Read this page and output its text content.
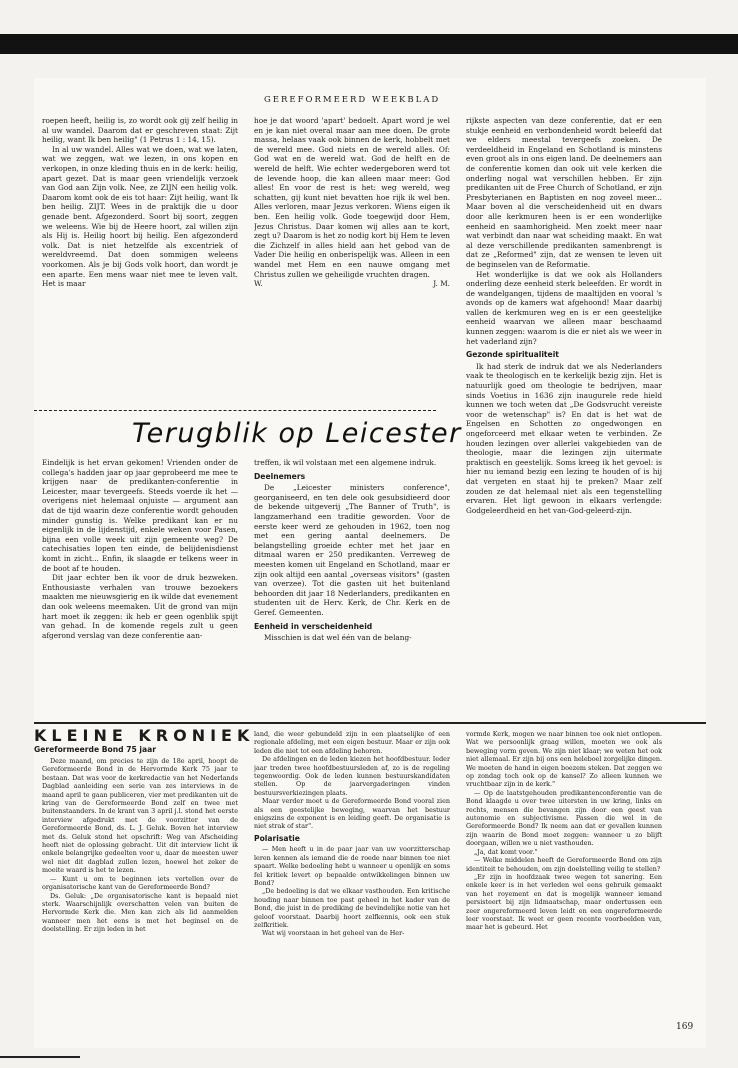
GEREFORMEERD WEEKBLAD

roepen heeft, heilig is, zo wordt ook gij zelf heilig in al uw wandel. Daarom dat er geschreven staat: Zijt heilig, want Ik ben heilig" (1 Petrus 1 : 14, 15).

In al uw wandel. Alles wat we doen, wat we laten, wat we zeggen, wat we lezen, in ons kopen en verkopen, in onze kleding thuis en in de kerk: heilig, apart gezet. Dat is maar geen vriendelijk verzoek van God aan Zijn volk. Nee, ze ZIJN een heilig volk. Daarom komt ook de eis tot haar: Zijt heilig, want Ik ben heilig. ZIJT. Wees in de praktijk die u door genade bent. Afgezonderd. Soort bij soort, zeggen we weleens. Wie bij de Heere hoort, zal willen zijn als Hij is. Heilig hoort bij heilig. Een afgezonderd volk. Dat is niet hetzelfde als excentriek of wereldvreemd. Dat doen sommigen weleens voorkomen. Als je bij Gods volk hoort, dan wordt je een aparte. Een mens waar niet mee te leven valt. Het is maar

hoe je dat woord 'apart' bedoelt. Apart word je wel en je kan niet overal maar aan mee doen. De grote massa, helaas vaak ook binnen de kerk, hobbelt met de wereld mee. God niets en de wereld alles. Of: God wat en de wereld wat. God de helft en de wereld de helft. Wie echter wedergeboren werd tot de levende hoop, die kan alleen maar meer: God alles! En voor de rest is het: weg wereld, weg schatten, gij kunt niet bevatten hoe rijk ik wel ben. Alles verloren, maar Jezus verkoren. Wiens eigen ik ben. Een heilig volk. Gode toegewijd door Hem, Jezus Christus. Daar komen wij alles aan te kort, zegt u? Daarom is het zo nodig kort bij Hem te leven die Zichzelf in alles hield aan het gebod van de Vader Die heilig en onberispelijk was. Alleen in een wandel met Hem en een nauwe omgang met Christus zullen we geheiligde vruchten dragen.

W.	J. M.

rijkste aspecten van deze conferentie, dat er een stukje eenheid en verbondenheid wordt beleefd dat we elders meestal tevergeefs zoeken. De verdeeldheid in Engeland en Schotland is minstens even groot als in ons eigen land. De deelnemers aan de conferentie komen dan ook uit vele kerken die onderling nogal wat verschillen hebben. Er zijn predikanten uit de Free Church of Schotland, er zijn Presbyterianen en Baptisten en nog zoveel meer... Maar boven al die verscheidenheid uit en dwars door alle kerkmuren heen is er een wonderlijke eenheid en saamhorigheid. Men zoekt meer naar wat verbindt dan naar wat scheiding maakt. En wat al deze verschillende predikanten samenbrengt is dat ze „Reformed" zijn, dat ze wensen te leven uit de beginselen van de Reformatie.

Het wonderlijke is dat we ook als Hollanders onderling deze eenheid sterk beleefden. Er wordt in de wandelgangen, tijdens de maaltijden en vooral 's avonds op de kamers wat afgehoond! Maar daarbij vallen de kerkmuren weg en is er een geestelijke eenheid waarvan we alleen maar beschaamd kunnen zeggen: waarom is die er niet als we weer in het vaderland zijn?

Gezonde spiritualiteit

Ik had sterk de indruk dat we als Nederlanders vaak te theologisch en te kerkelijk bezig zijn. Het is natuurlijk goed om theologie te bedrijven, maar sinds Voetius in 1636 zijn inaugurele rede hield kunnen we toch weten dat „De Godsvrucht vereiste voor de wetenschap" is? En dat is het wat de Engelsen en Schotten zo ongedwongen en ongeforceerd met elkaar weten te verbinden. Ze houden lezingen over allerlei vakgebieden van de theologie, maar die lezingen zijn uitermate praktisch en geestelijk. Soms kreeg ik het gevoel: is hier nu iemand bezig een lezing te houden of is hij dat vergeten en staat hij te preken? Maar zelf zouden ze dat helemaal niet als een tegenstelling ervaren. Het ligt gewoon in elkaars verlengde: Godgeleerdheid en het van-God-geleerd-zijn.

Terugblik op Leicester

Eindelijk is het ervan gekomen! Vrienden onder de collega's hadden jaar op jaar geprobeerd me mee te krijgen naar de predikanten-conferentie in Leicester, maar tevergeefs. Steeds voerde ik het — overigens niet helemaal onjuiste — argument aan dat de tijd waarin deze conferentie wordt gehouden minder gunstig is. Welke predikant kan er nu eigenlijk in de lijdenstijd, enkele weken voor Pasen, bijna een volle week uit zijn gemeente weg? De catechisaties lopen ten einde, de belijdenisdienst komt in zicht... Enfin, ik slaagde er telkens weer in de boot af te houden.

Dit jaar echter ben ik voor de druk bezweken. Enthousiaste verhalen van trouwe bezoekers maakten me nieuwsgierig en ik wilde dat evenement dan ook weleens meemaken. Uit de grond van mijn hart moet ik zeggen: ik heb er geen ogenblik spijt van gehad. In de komende regels zult u geen afgerond verslag van deze conferentie aan-

treffen, ik wil volstaan met een algemene indruk.

Deelnemers

De „Leicester ministers conference", georganiseerd, en ten dele ook gesubsidieerd door de bekende uitgeverij „The Banner of Truth", is langzamerhand een traditie geworden. Voor de eerste keer werd ze gehouden in 1962, toen nog met een gering aantal deelnemers. De belangstelling groeide echter met het jaar en ditmaal waren er 250 predikanten. Verreweg de meesten komen uit Engeland en Schotland, maar er zijn ook altijd een aantal „overseas visitors" (gasten van overzee). Tot die gasten uit het buitenland behoorden dit jaar 18 Nederlanders, predikanten en studenten uit de Herv. Kerk, de Chr. Kerk en de Geref. Gemeenten.

Eenheid in verscheidenheid

Misschien is dat wel één van de belang-

KLEINE KRONIEK
Gereformeerde Bond 75 jaar

Deze maand, om precies te zijn de 18e april, hoopt de Gereformeerde Bond in de Hervormde Kerk 75 jaar te bestaan. Dat was voor de kerkredactie van het Nederlands Dagblad aanleiding een serie van zes interviews in de maand april te gaan publiceren, vier met predikanten uit de kring van de Gereformeerde Bond zelf en twee met buitenstaanders. In de krant van 3 april j.l. stond het eerste interview afgedrukt met de voorzitter van de Gereformeerde Bond, ds. L. J. Geluk. Boven het interview met ds. Geluk stond het opschrift: Weg van Afscheiding heeft niet de oplossing gebracht. Uit dit interview licht ik enkele belangrijke gedeelten voor u, daar de meesten uwer wel niet dit dagblad zullen lezen, hoewel het zeker de moeite waard is het te lezen.

— Kunt u om te beginnen iets vertellen over de organisatorische kant van de Gereformeerde Bond?

Ds. Geluk: „De organisatorische kant is bepaald niet sterk. Waarschijnlijk overschatten velen van buiten de Hervormde Kerk die. Men kan zich als lid aanmelden wanneer men het eens is met het beginsel en de doelstelling. Er zijn leden in het

land, die weer gebundeld zijn in een plaatselijke of een regionale afdeling, met een eigen bestuur. Maar er zijn ook leden die niet tot een afdeling behoren.

De afdelingen en de leden kiezen het hoofdbestuur. Ieder jaar treden twee hoofdbestuursleden af, zo is de regeling tegenwoordig. Ook de leden kunnen bestuurskandidaten stellen. Op de jaarvergaderingen vinden bestuursverkiezingen plaats.

Maar verder moet u de Gereformeerde Bond vooral zien als een geestelijke beweging, waarvan het bestuur enigszins de exponent is en leiding geeft. De organisatie is niet strak of star".

Polarisatie

— Men heeft u in de paar jaar van uw voorzitterschap leren kennen als iemand die de roede naar binnen toe niet spaart. Welke bedoeling hebt u wanneer u openlijk en soms fel kritiek levert op bepaalde ontwikkelingen binnen uw Bond?

„De bedoeling is dat we elkaar vasthouden. Een kritische houding naar binnen toe past geheel in het kader van de Bond, die juist in de prediking de bevindelijke notie van het geloof voorstaat. Daarbij hoort zelfkennis, ook een stuk zelfkritiek.

Wat wij voorstaan in het geheel van de Her-

vormde Kerk, mogen we naar binnen toe ook niet ontlopen. Wat we persoonlijk graag willen, moeten we ook als beweging vorm geven. We zijn niet klaar; we weten het ook niet allemaal. Er zijn bij ons een heleboel zorgelijke dingen. We moeten de hand in eigen boezem steken. Dat zeggen we op zondag toch ook op de kansel? Zo alleen kunnen we vruchtbaar zijn in de kerk."

— Op de laatstgehouden predikantenconferentie van de Bond klaagde u over twee uitersten in uw kring, links en rechts, mensen die bevangen zijn door een geest van autonomie en subjectivisme. Passen die wel in de Gereformeerde Bond? Ik neem aan dat er gevallen kunnen zijn waarin de Bond moet zeggen: wanneer u zo blijft doorgaan, willen we u niet vasthouden.

„Ja, dat komt voor."

— Welke middelen heeft de Gereformeerde Bond om zijn identiteit te behouden, om zijn doelstelling veilig te stellen?

„Er zijn in hoofdzaak twee wegen tot sanering. Een enkele keer is in het verleden wel eens gebruik gemaakt van het royement en dat is mogelijk wanneer iemand persisteert bij zijn lidmaatschap, maar ondertussen een zeer ongereformeerd leven leidt en een ongereformeerde leer voorstaat. Ik weet er geen recente voorbeelden van, maar het is gebeurd. Het

169
